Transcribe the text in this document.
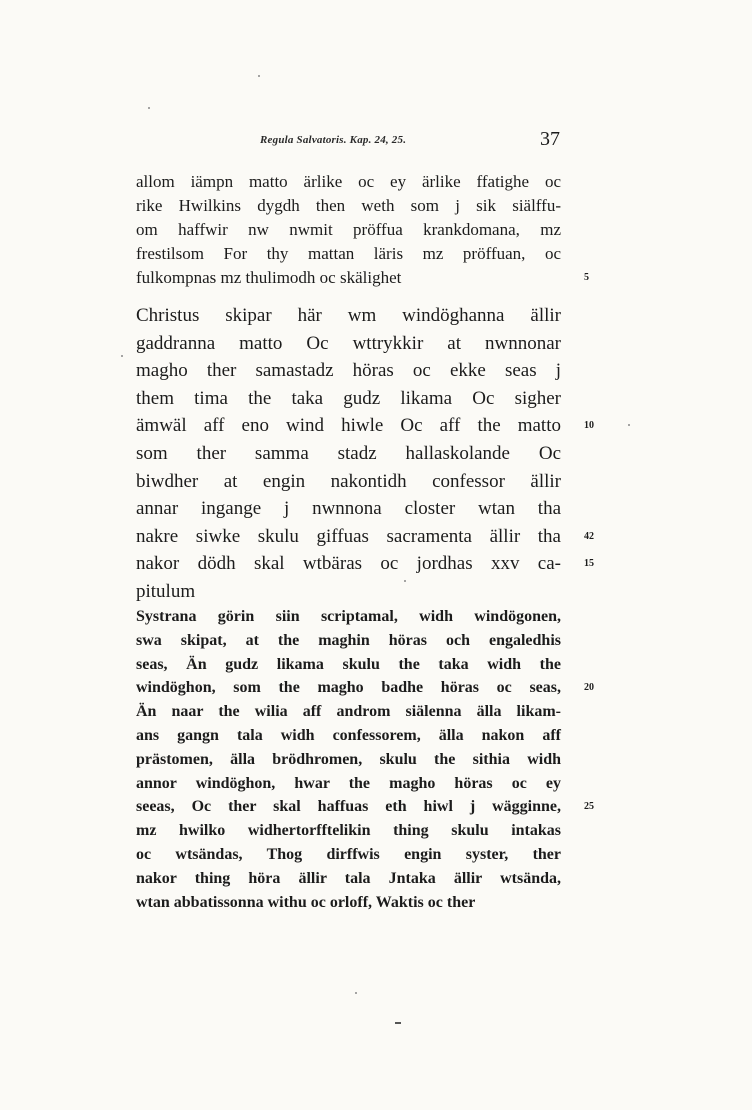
Regula Salvatoris. Kap. 24, 25.	37
allom iämpn matto ärlike oc ey ärlike ffatighe oc
rike Hwilkins dygdh then weth som j sik siälffu-
om haffwir nw nwmit pröffua krankdomana, mz
frestilsom For thy mattan läris mz pröffuan, oc
fulkompnas mz thulimodh oc skälighet	5
Christus skipar här wm windöghanna ällir
gaddranna matto Oc wttrykkir at nwnnonar
magho ther samastadz höras oc ekke seas j
them tima the taka gudz likama Oc sigher
ämwäl aff eno wind hiwle Oc aff the matto 10
som ther samma stadz hallaskolande Oc
biwdher at engin nakontidh confessor ällir
annar ingange j nwnnona closter wtan tha
nakre siwke skulu giffuas sacramenta ällir tha 42
nakor dödh skal wtbäras oc jordhas xxv ca- 15
pitulum
Systrana görin siin scriptamal, widh windögonen,
swa skipat, at the maghin höras och engaledhis
seas, Än gudz likama skulu the taka widh the
windöghon, som the magho badhe höras oc seas, 20
Än naar the wilia aff androm siälenna älla likam-
ans gangn tala widh confessorem, älla nakon aff
prästomen, älla brödhromen, skulu the sithia widh
annor windöghon, hwar the magho höras oc ey
seeas, Oc ther skal haffuas eth hiwl j wägginne, 25
mz hwilko widhertorfftelikin thing skulu intakas
oc wtsändas, Thog dirffwis engin syster, ther
nakor thing höra ällir tala Jntaka ällir wtsända,
wtan abbatissonna withu oc orloff, Waktis oc ther
